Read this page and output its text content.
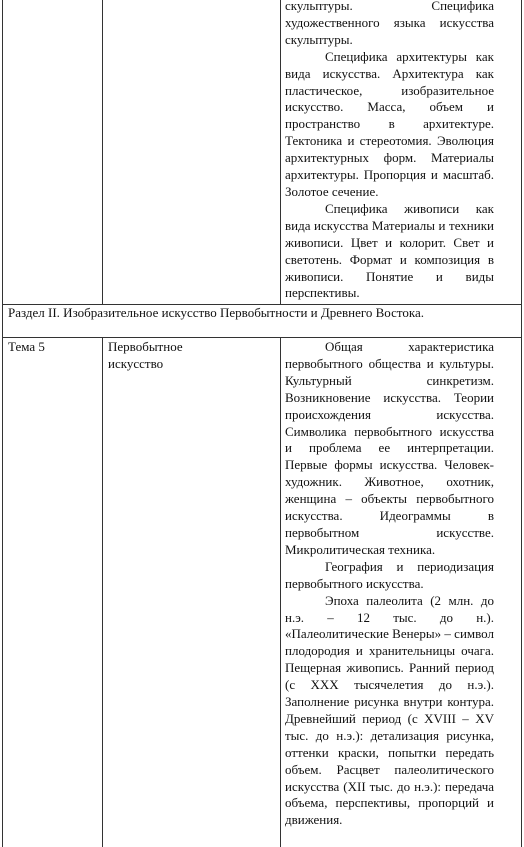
скульптуры. Специфика художественного языка искусства скульптуры.

Специфика архитектуры как вида искусства. Архитектура как пластическое, изобразительное искусство. Масса, объем и пространство в архитектуре. Тектоника и стереотомия. Эволюция архитектурных форм. Материалы архитектуры. Пропорция и масштаб. Золотое сечение.

Специфика живописи как вида искусства Материалы и техники живописи. Цвет и колорит. Свет и светотень. Формат и композиция в живописи. Понятие и виды перспективы.

Раздел II. Изобразительное искусство Первобытности и Древнего Востока.
Тема 5	Первобытное искусство

Общая характеристика первобытного общества и культуры. Культурный синкретизм. Возникновение искусства. Теории происхождения искусства. Символика первобытного искусства и проблема ее интерпретации. Первые формы искусства. Человек-художник. Животное, охотник, женщина – объекты первобытного искусства. Идеограммы в первобытном искусстве. Микролитическая техника.

География и периодизация первобытного искусства.

Эпоха палеолита (2 млн. до н.э. – 12 тыс. до н.). «Палеолитические Венеры» – символ плодородия и хранительницы очага. Пещерная живопись. Ранний период (с XXX тысячелетия до н.э.). Заполнение рисунка внутри контура. Древнейший период (с XVIII – XV тыс. до н.э.): детализация рисунка, оттенки краски, попытки передать объем. Расцвет палеолитического искусства (XII тыс. до н.э.): передача объема, перспективы, пропорций и движения.
